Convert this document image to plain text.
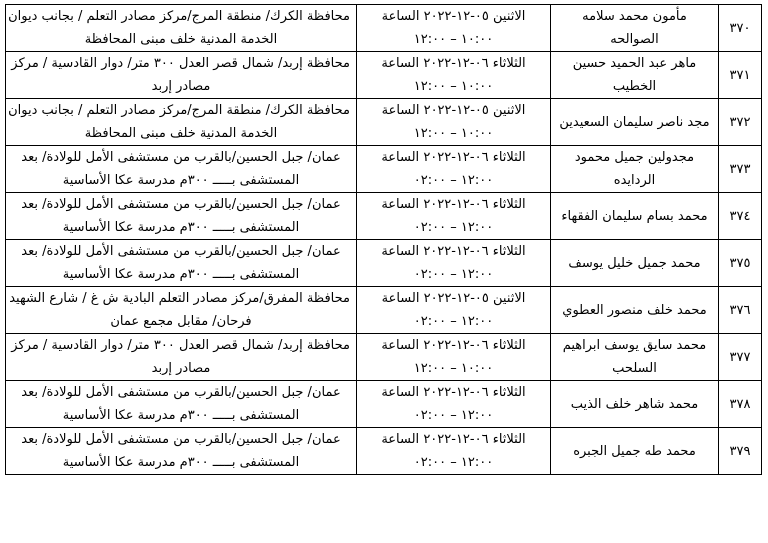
٣٧٠	مأمون محمد سلامه الصوالحه	الاثنين ٠٥-١٢-٢٠٢٢ الساعة
١٠:٠٠ – ١٢:٠٠	محافظة الكرك/ منطقة المرج/مركز مصادر التعلم / بجانب ديوان
الخدمة المدنية خلف مبنى المحافظة

٣٧١	ماهر عبد الحميد حسين الخطيب	الثلاثاء ٠٦-١٢-٢٠٢٢ الساعة
١٠:٠٠ – ١٢:٠٠	محافظة إربد/ شمال قصر العدل ٣٠٠ متر/ دوار القادسية / مركز
مصادر إربد

٣٧٢	مجد ناصر سليمان السعيدين	الاثنين ٠٥-١٢-٢٠٢٢ الساعة
١٠:٠٠ – ١٢:٠٠	محافظة الكرك/ منطقة المرج/مركز مصادر التعلم / بجانب ديوان
الخدمة المدنية خلف مبنى المحافظة

٣٧٣	مجدولين جميل محمود الردايده	الثلاثاء ٠٦-١٢-٢٠٢٢ الساعة
١٢:٠٠ – ٠٢:٠٠	عمان/ جبل الحسين/بالقرب من مستشفى الأمل للولادة/ بعد
المستشفى بـــــ ٣٠٠م مدرسة عكا الأساسية

٣٧٤	محمد بسام سليمان الفقهاء	الثلاثاء ٠٦-١٢-٢٠٢٢ الساعة
١٢:٠٠ – ٠٢:٠٠	عمان/ جبل الحسين/بالقرب من مستشفى الأمل للولادة/ بعد
المستشفى بـــــ ٣٠٠م مدرسة عكا الأساسية

٣٧٥	محمد جميل خليل يوسف	الثلاثاء ٠٦-١٢-٢٠٢٢ الساعة
١٢:٠٠ – ٠٢:٠٠	عمان/ جبل الحسين/بالقرب من مستشفى الأمل للولادة/ بعد
المستشفى بـــــ ٣٠٠م مدرسة عكا الأساسية

٣٧٦	محمد خلف منصور العطوي	الاثنين ٠٥-١٢-٢٠٢٢ الساعة
١٢:٠٠ – ٠٢:٠٠	محافظة المفرق/مركز مصادر التعلم البادية ش غ / شارع الشهيد
فرحان/ مقابل مجمع عمان

٣٧٧	محمد سايق يوسف ابراهيم السلحب	الثلاثاء ٠٦-١٢-٢٠٢٢ الساعة
١٠:٠٠ – ١٢:٠٠	محافظة إربد/ شمال قصر العدل ٣٠٠ متر/ دوار القادسية / مركز
مصادر إربد

٣٧٨	محمد شاهر خلف الذيب	الثلاثاء ٠٦-١٢-٢٠٢٢ الساعة
١٢:٠٠ – ٠٢:٠٠	عمان/ جبل الحسين/بالقرب من مستشفى الأمل للولادة/ بعد
المستشفى بـــــ ٣٠٠م مدرسة عكا الأساسية

٣٧٩	محمد طه جميل الجبره	الثلاثاء ٠٦-١٢-٢٠٢٢ الساعة
١٢:٠٠ – ٠٢:٠٠	عمان/ جبل الحسين/بالقرب من مستشفى الأمل للولادة/ بعد
المستشفى بـــــ ٣٠٠م مدرسة عكا الأساسية
